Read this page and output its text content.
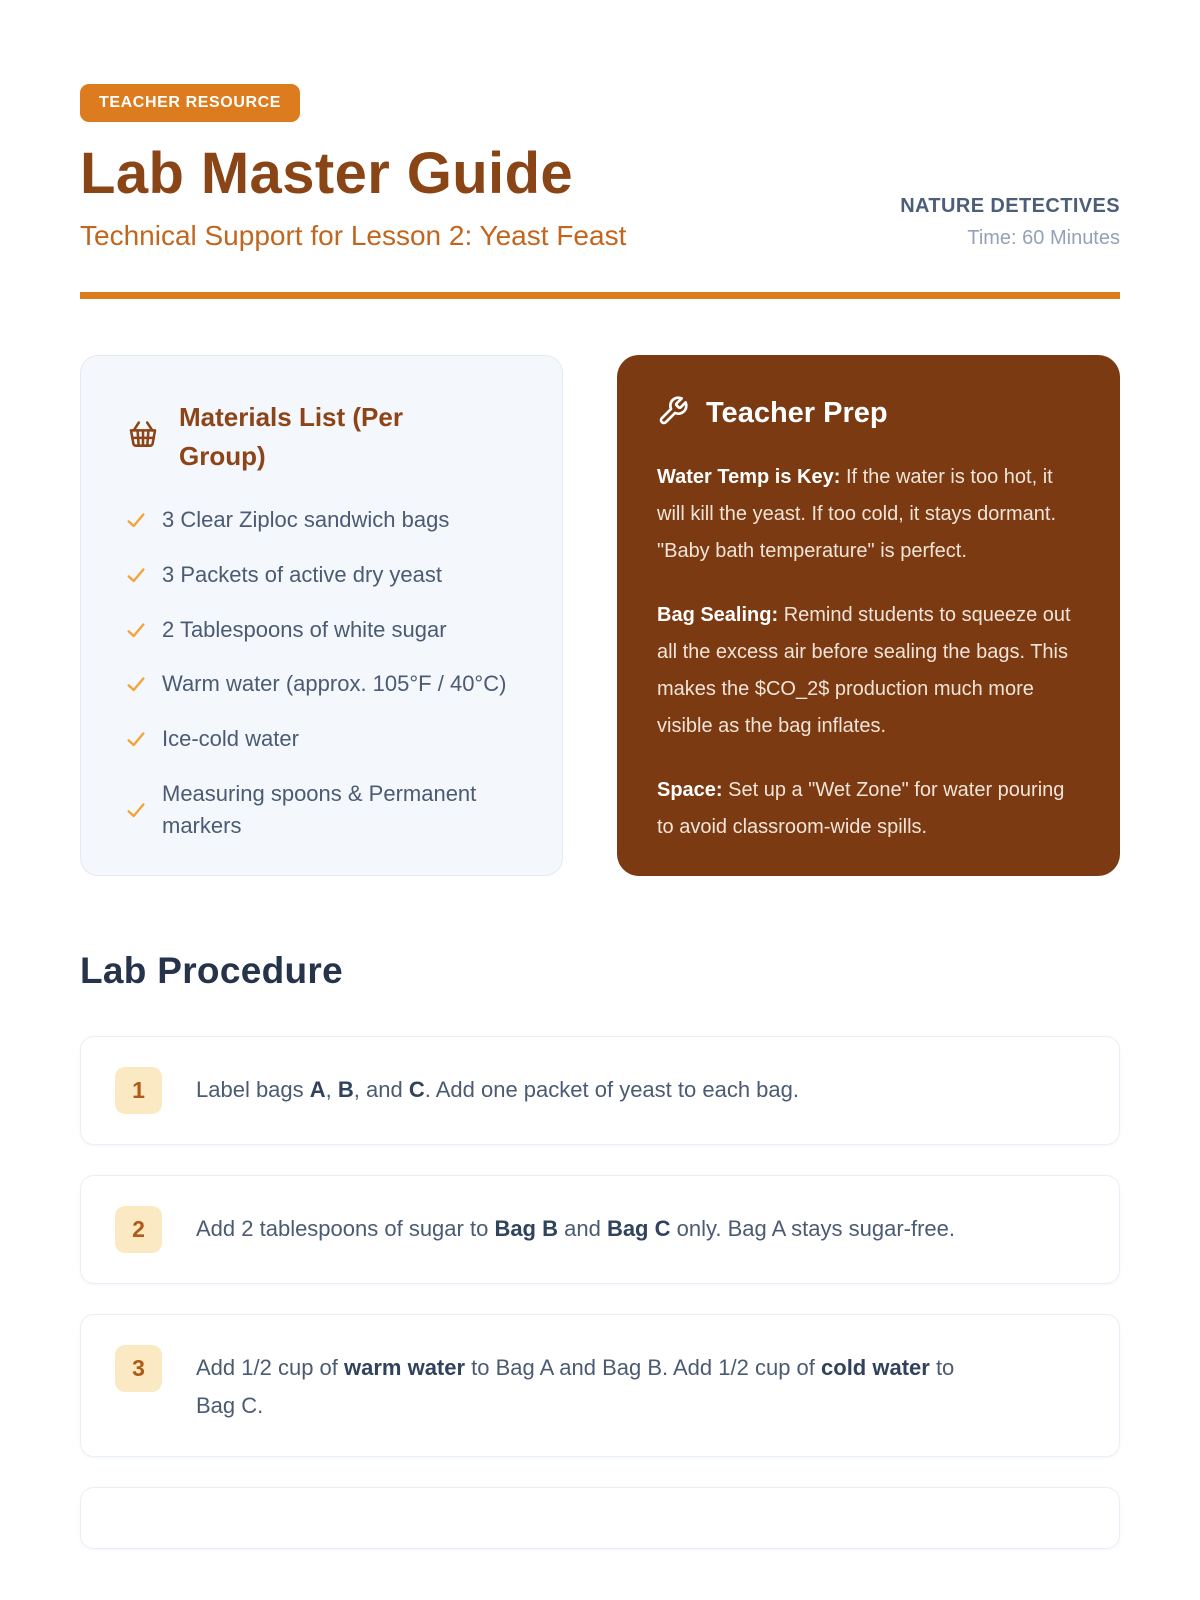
TEACHER RESOURCE
Lab Master Guide
Technical Support for Lesson 2: Yeast Feast
NATURE DETECTIVES
Time: 60 Minutes
Materials List (Per Group)
3 Clear Ziploc sandwich bags
3 Packets of active dry yeast
2 Tablespoons of white sugar
Warm water (approx. 105°F / 40°C)
Ice-cold water
Measuring spoons & Permanent markers
Teacher Prep

Water Temp is Key: If the water is too hot, it will kill the yeast. If too cold, it stays dormant. "Baby bath temperature" is perfect.

Bag Sealing: Remind students to squeeze out all the excess air before sealing the bags. This makes the $CO_2$ production much more visible as the bag inflates.

Space: Set up a "Wet Zone" for water pouring to avoid classroom-wide spills.

Lab Procedure
1	Label bags A, B, and C. Add one packet of yeast to each bag.
2	Add 2 tablespoons of sugar to Bag B and Bag C only. Bag A stays sugar-free.
3	Add 1/2 cup of warm water to Bag A and Bag B. Add 1/2 cup of cold water to Bag C.
